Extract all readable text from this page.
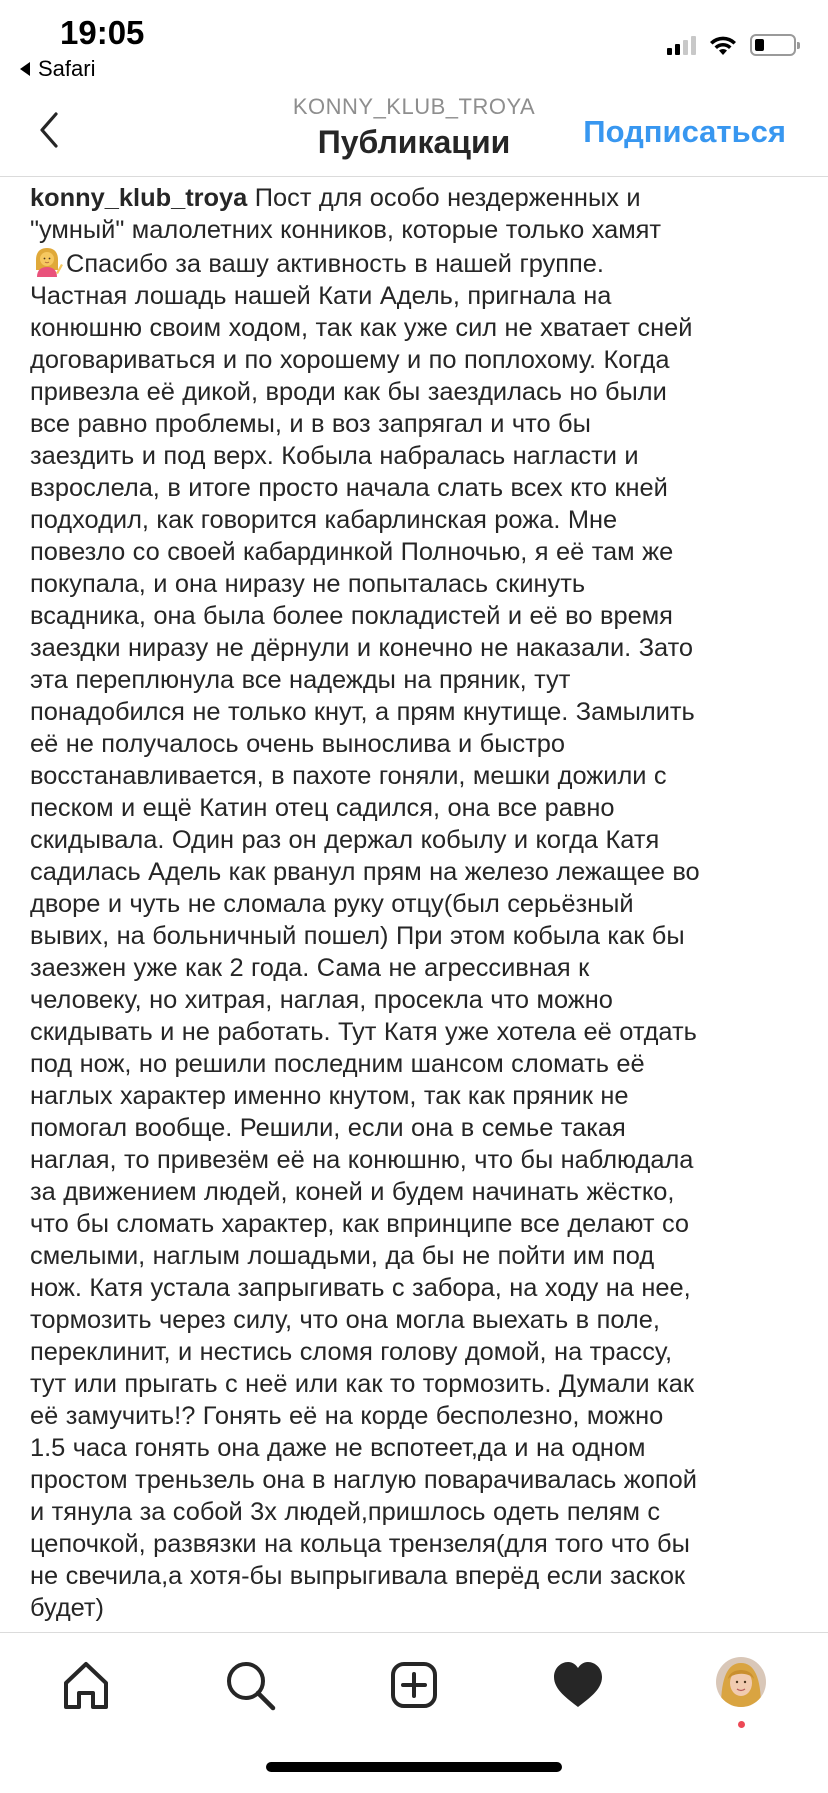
19:05
Safari
KONNY_KLUB_TROYA
Публикации	Подписаться
konny_klub_troya Пост для особо нездерженных и
"умный" малолетних конников, которые только хамят
Спасибо за вашу активность в нашей группе.
Частная лошадь нашей Кати Адель, пригнала на
конюшню своим ходом, так как уже сил не хватает сней
договариваться и по хорошему и по поплохому. Когда
привезла её дикой, вроди как бы заездилась но были
все равно проблемы, и в воз запрягал и что бы
заездить и под верх. Кобыла набралась нагласти и
взрослела, в итоге просто начала слать всех кто кней
подходил, как говорится кабарлинская рожа. Мне
повезло со своей кабардинкой Полночью, я её там же
покупала, и она ниразу не попыталась скинуть
всадника, она была более покладистей и её во время
заездки ниразу не дёрнули и конечно не наказали. Зато
эта переплюнула все надежды на пряник, тут
понадобился не только кнут, а прям кнутище. Замылить
её не получалось очень вынослива и быстро
восстанавливается, в пахоте гоняли, мешки дожили с
песком и ещё Катин отец садился, она все равно
скидывала. Один раз он держал кобылу и когда Катя
садилась Адель как рванул прям на железо лежащее во
дворе и чуть не сломала руку отцу(был серьёзный
вывих, на больничный пошел) При этом кобыла как бы
заезжен уже как 2 года. Сама не агрессивная к
человеку, но хитрая, наглая, просекла что можно
скидывать и не работать. Тут Катя уже хотела её отдать
под нож, но решили последним шансом сломать её
наглых характер именно кнутом, так как пряник не
помогал вообще. Решили, если она в семье такая
наглая, то привезём её на конюшню, что бы наблюдала
за движением людей, коней и будем начинать жёстко,
что бы сломать характер, как впринципе все делают со
смелыми, наглым лошадьми, да бы не пойти им под
нож. Катя устала запрыгивать с забора, на ходу на нее,
тормозить через силу, что она могла выехать в поле,
переклинит, и нестись сломя голову домой, на трассу,
тут или прыгать с неё или как то тормозить. Думали как
её замучить!? Гонять её на корде бесполезно, можно
1.5 часа гонять она даже не вспотеет,да и на одном
простом треньзель она в наглую поварачивалась жопой
и тянула за собой 3х людей,пришлось одеть пелям с
цепочкой, развязки на кольца трензеля(для того что бы
не свечила,а хотя-бы выпрыгивала вперёд если заскок
будет)
